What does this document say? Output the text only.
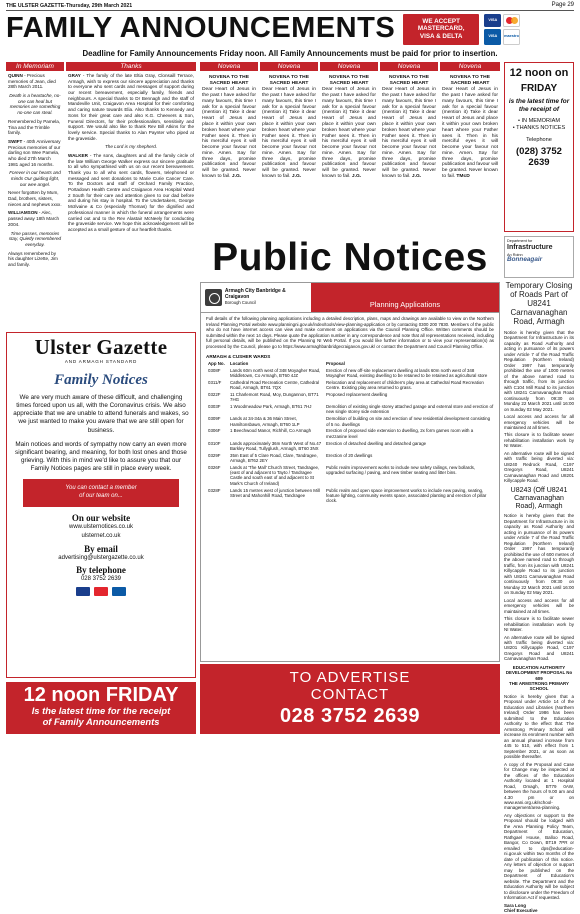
THE ULSTER GAZETTE-Thursday, 29th March 2021	Page 29
FAMILY ANNOUNCEMENTS	WE ACCEPT
MASTERCARD,
VISA & DELTA
VISA
VISA	maestro
Deadline for Family Announcements Friday noon. All Family Announcements must be paid for prior to insertion.
In Memoriam

QUINN - Precious memories of Jean, died 28th March 2011.

Death is a heartache, no-one can heal but memories are something no-one can steal.

Remembered by Pamela, Tina and the Trimble family.

SWIFT - 40th Anniversary Precious memories of our darling son Wee Pamela, who died 27th March 1981 aged 16 months.

Forever in our hearts and minds Our guiding light, our wee angel.

Never forgotten by Mum, Dad, brothers, sisters, nieces and nephews xxxx.

WILLIAMSON - Alec, passed away 18th March 2004.

Time passes, memories stay, Quietly remembered everyday.

Always remembered by his daughter Lizette, Jim and family.

Thanks

GRAY - The family of the late Eltia Gray, Clonsaill Terrace, Armagh, wish to express our sincere appreciation and thanks to everyone who sent cards and messages of support during our recent bereavement, especially family, friends and neighbours. A special thanks to Dr Bennagh and the staff of Mandeville Unit, Craigavon Area Hospital for their comforting and caring nature towards Elia. Also thanks to Kennedy and Sons for their great care and also K.G. Cheevers & Son, Funeral Directors, for their professionalism, sensitivity and support. We would also like to thank Rev Bill Atkins for the lovely service. Special thanks to Alan Paynter who piped at the graveside.

The Lord is my shepherd.

WALKER - The sons, daughters and all the family circle of the late William George Walker express our sincere gratitude to all who sympathised with us on our recent bereavement. Thank you to all who sent cards, flowers, telephoned or messaged and sent donations to Marie Curie Cancer Care. To the Doctors and staff of Orchard Family Practice, Portadown Health Centre and Craigavon Area Hospital Ward 2 South for their care and attention given to our dad before and during his stay in hospital. To the Undertakers, George McIlvaine & Co (especially Thomas) for the dignified and professional manner in which the funeral arrangements were carried out and to the Rev Alastair McNeely for conducting the graveside service. We hope this acknowledgement will be accepted as a small gesture of our heartfelt thanks.

Novena
NOVENA TO THE SACRED HEART
Dear Heart of Jesus in the past I have asked for many favours, this time I ask for a special favour (mention it) Take it dear Heart of Jesus and place it within your own broken heart where your Father sees it. Then in his merciful eyes it will become your favour not mine. Amen. Say for three days, promise publication and favour will be granted. Never known to fail. J.G.
Novena
NOVENA TO THE SACRED HEART
Dear Heart of Jesus in the past I have asked for many favours, this time I ask for a special favour (mention it) Take it dear Heart of Jesus and place it within your own broken heart where your Father sees it. Then in his merciful eyes it will become your favour not mine. Amen. Say for three days, promise publication and favour will be granted. Never known to fail. J.G.
Novena
NOVENA TO THE SACRED HEART
Dear Heart of Jesus in the past I have asked for many favours, this time I ask for a special favour (mention it) Take it dear Heart of Jesus and place it within your own broken heart where your Father sees it. Then in his merciful eyes it will become your favour not mine. Amen. Say for three days, promise publication and favour will be granted. Never known to fail. J.G.
Novena
NOVENA TO THE SACRED HEART
Dear Heart of Jesus in the past I have asked for many favours, this time I ask for a special favour (mention it) Take it dear Heart of Jesus and place it within your own broken heart where your Father sees it. Then in his merciful eyes it will become your favour not mine. Amen. Say for three days, promise publication and favour will be granted. Never known to fail. J.G.
Novena
NOVENA TO THE SACRED HEART
Dear Heart of Jesus in the past I have asked for many favours, this time I ask for a special favour (mention it) Take it dear Heart of Jesus and place it within your own broken heart where your Father sees it. Then in his merciful eyes it will become your favour not mine. Amen. Say for three days, promise publication and favour will be granted. Never known to fail. TMcD
12 noon on
FRIDAY
is the latest time for the receipt of
• IN MEMORIAM
• THANKS NOTICES
Telephone
(028) 3752 2639
Ulster Gazette
AND ARMAGH STANDARD
Family Notices

We are very much aware of these difficult, and challenging times forced upon us all, with the Coronavirus crisis. We also appreciate that we are unable to attend funerals and wakes, so we just wanted to make you aware that we are still open for business.

Main notices and words of sympathy now carry an even more significant bearing, and meaning, for both lost ones and those grieving. With this in mind we'd like to assure you that our Family Notices pages are still in place every week.

You can contact a member
of our team on...
On our website
www.ulsternotices.co.uk
ulsternet.co.uk
By email
advertising@ulstergazette.co.uk
By telephone
028 3752 2639
12 noon FRIDAY
Is the latest time for the receipt
of Family Announcements
Public Notices
Armagh City Banbridge & Craigavon
Borough Council	Planning Applications

Full details of the following planning applications including a detailed description, plans, maps and drawings are available to view on the Northern Ireland Planning Portal website www.planningni.gov.uk/index/tools/view-planning-application or by contacting 0300 200 7830. Members of the public who do not have internet access can view and make comment on applications via the Council Planning Office. Written comments should be submitted within the next 14 days. Please quote the application number in any correspondence and note that all representations received, including full personal details, will be published on the Planning NI Web Portal. If you would like further information or to view your representation(s) as processed by the Council, please go to https://www.armaghbanbridgecraigavon.gov.uk/ or contact the Department and Council Planning Office.

ARMAGH & CUSHER WARDS
App No.	Location	Proposal
0308F	Lands 60m north west of 348 Moyagher Road, Middletown, Co Armagh, BT60 4JZ	Erection of new off-site replacement dwelling at lands 60m north west of 348 Moyagher Road, existing dwelling to be retained to be retained as agricultural store
0311/F	Cathedral Road Recreation Centre, Cathedral Road, Armagh, BT61 7QX	Relocation and replacement of children's play area at Cathedral Road Recreation Centre. Existing play area returned to grass.
0322F	11 Charlemont Road, Moy, Dungannon, BT71 7HG	Proposed replacement dwelling
0303F	1 Woodmeadow Park, Armagh, BT61 7HJ	Demolition of existing single storey attached garage and external store and erection of new single storey side extension
0309F	Lands at 34-34a & 36 Main Street, Hamiltonsbawn, Armagh, BT60 1LP	Demolition of building on site and erection of new residential development consisting of 5 no. dwellings
0306F	1 Beechwood Manor, Richhill, Co Armagh	Erection of proposed side extension to dwelling, 2x form games room with a mezzanine level
0310F	Lands approximately 36m North West of No.47 Barkley Road, Tullyglush, Armagh, BT60 3NX	Erection of detached dwelling and detached garage
0329F	35m East of 5 Clare Road, Clare, Tandragee, Armagh, BT62 2EY	Erection of 20 dwellings
0326F	Lands at 'The Mall' Church Street, Tandragee, (east of and adjacent to Tayto / Tandragee Castle and south east of and adjacent to St Mark's Church of Ireland)	Public realm improvement works to include new safety railings, new bollards, upgraded surfacing / paving, and new timber seating and litter bins.
0328F	Lands 15 metres west of junction between Mill Street and Mahonhill Road, Tandragee	Public realm and open space improvement works to include new paving, seating, feature lighting, community events space, associated planting and erection of pillar clock.
TO ADVERTISE
CONTACT
028 3752 2639
Department for
Infrastructure
An Roinn
Bonneagair
Temporary Closing of Roads Part of U8241 Carnavanaghan Road, Armagh

Notice is hereby given that the Department for Infrastructure in its capacity as Road Authority and acting in pursuance of its powers under Article 7 of the Road Traffic Regulation (Northern Ireland) Order 1997 has temporarily prohibited the use of 1000 metres of the above named road to through traffic, from its junction with C104 Mill Road to its junction with U8241 Carnavanaghan Road continuously from 09:30 on Monday 22 March 2021 until 16:00 on Sunday 02 May 2021.

Local access and access for all emergency vehicles will be maintained at all times.

This closure is to facilitate sewer rehabilitation installation work by NI Water.

An alternative route will be signed with traffic being diverted via: U8240 Redrock Road, C197 Gregorys Road, U8241 Carnavanaghan Road and U8201 Killycapple Road.

U8243 (Off U8241 Carnavanaghan Road), Armagh

Notice is hereby given that the Department for Infrastructure in its capacity as Road Authority and acting in pursuance of its powers under Article 7 of the Road Traffic Regulation (Northern Ireland) Order 1997 has temporarily prohibited the use of 600 metres of the above named road to through traffic, from its junction with U8241 Killycapple Road to its junction with U8241 Carnavanaghan Road continuously from 09:30 on Monday 22 March 2021 until 16:00 on Sunday 02 May 2021.

Local access and access for all emergency vehicles will be maintained at all times.

This closure is to facilitate sewer rehabilitation installation work by NI Water.

An alternative route will be signed with traffic being diverted via: U8201 Killycapple Road, C197 Gregorys Road and U8241 Carnavanaghan Road.

EDUCATION AUTHORITY
DEVELOPMENT PROPOSAL No 609
THE ARMSTRONG PRIMARY SCHOOL

Notice is hereby given that a Proposal under Article 14 of the Education and Libraries (Northern Ireland) Order 1986 has been submitted to the Education Authority to the effect that: The Armstrong Primary School will increase its enrolment number with an annual phased increase from 445 to 510, with effect from 1 September 2021, or as soon as possible thereafter.

A copy of the Proposal and Case for Change may be inspected at the offices of the Education Authority located at 1 Hospital Road, Omagh, BT79 0AW, between the hours of 9.00 am and 4.30 pm or on www.eani.org.uk/school-management/area-planning.

Any objections or support to the Proposal should be lodged with the Area Planning Policy Team, Department of Education, Rathgael House, Balloo Road, Bangor, Co Down, BT19 7PR or emailed to dps@education-ni.gov.uk within two months of the date of publication of this notice. Any letters of objection or support may be published on the Department of Education's website. The Department and the Education Authority will be subject to disclosure under the Freedom of Information Act if requested.

Sara Long

Chief Executive
